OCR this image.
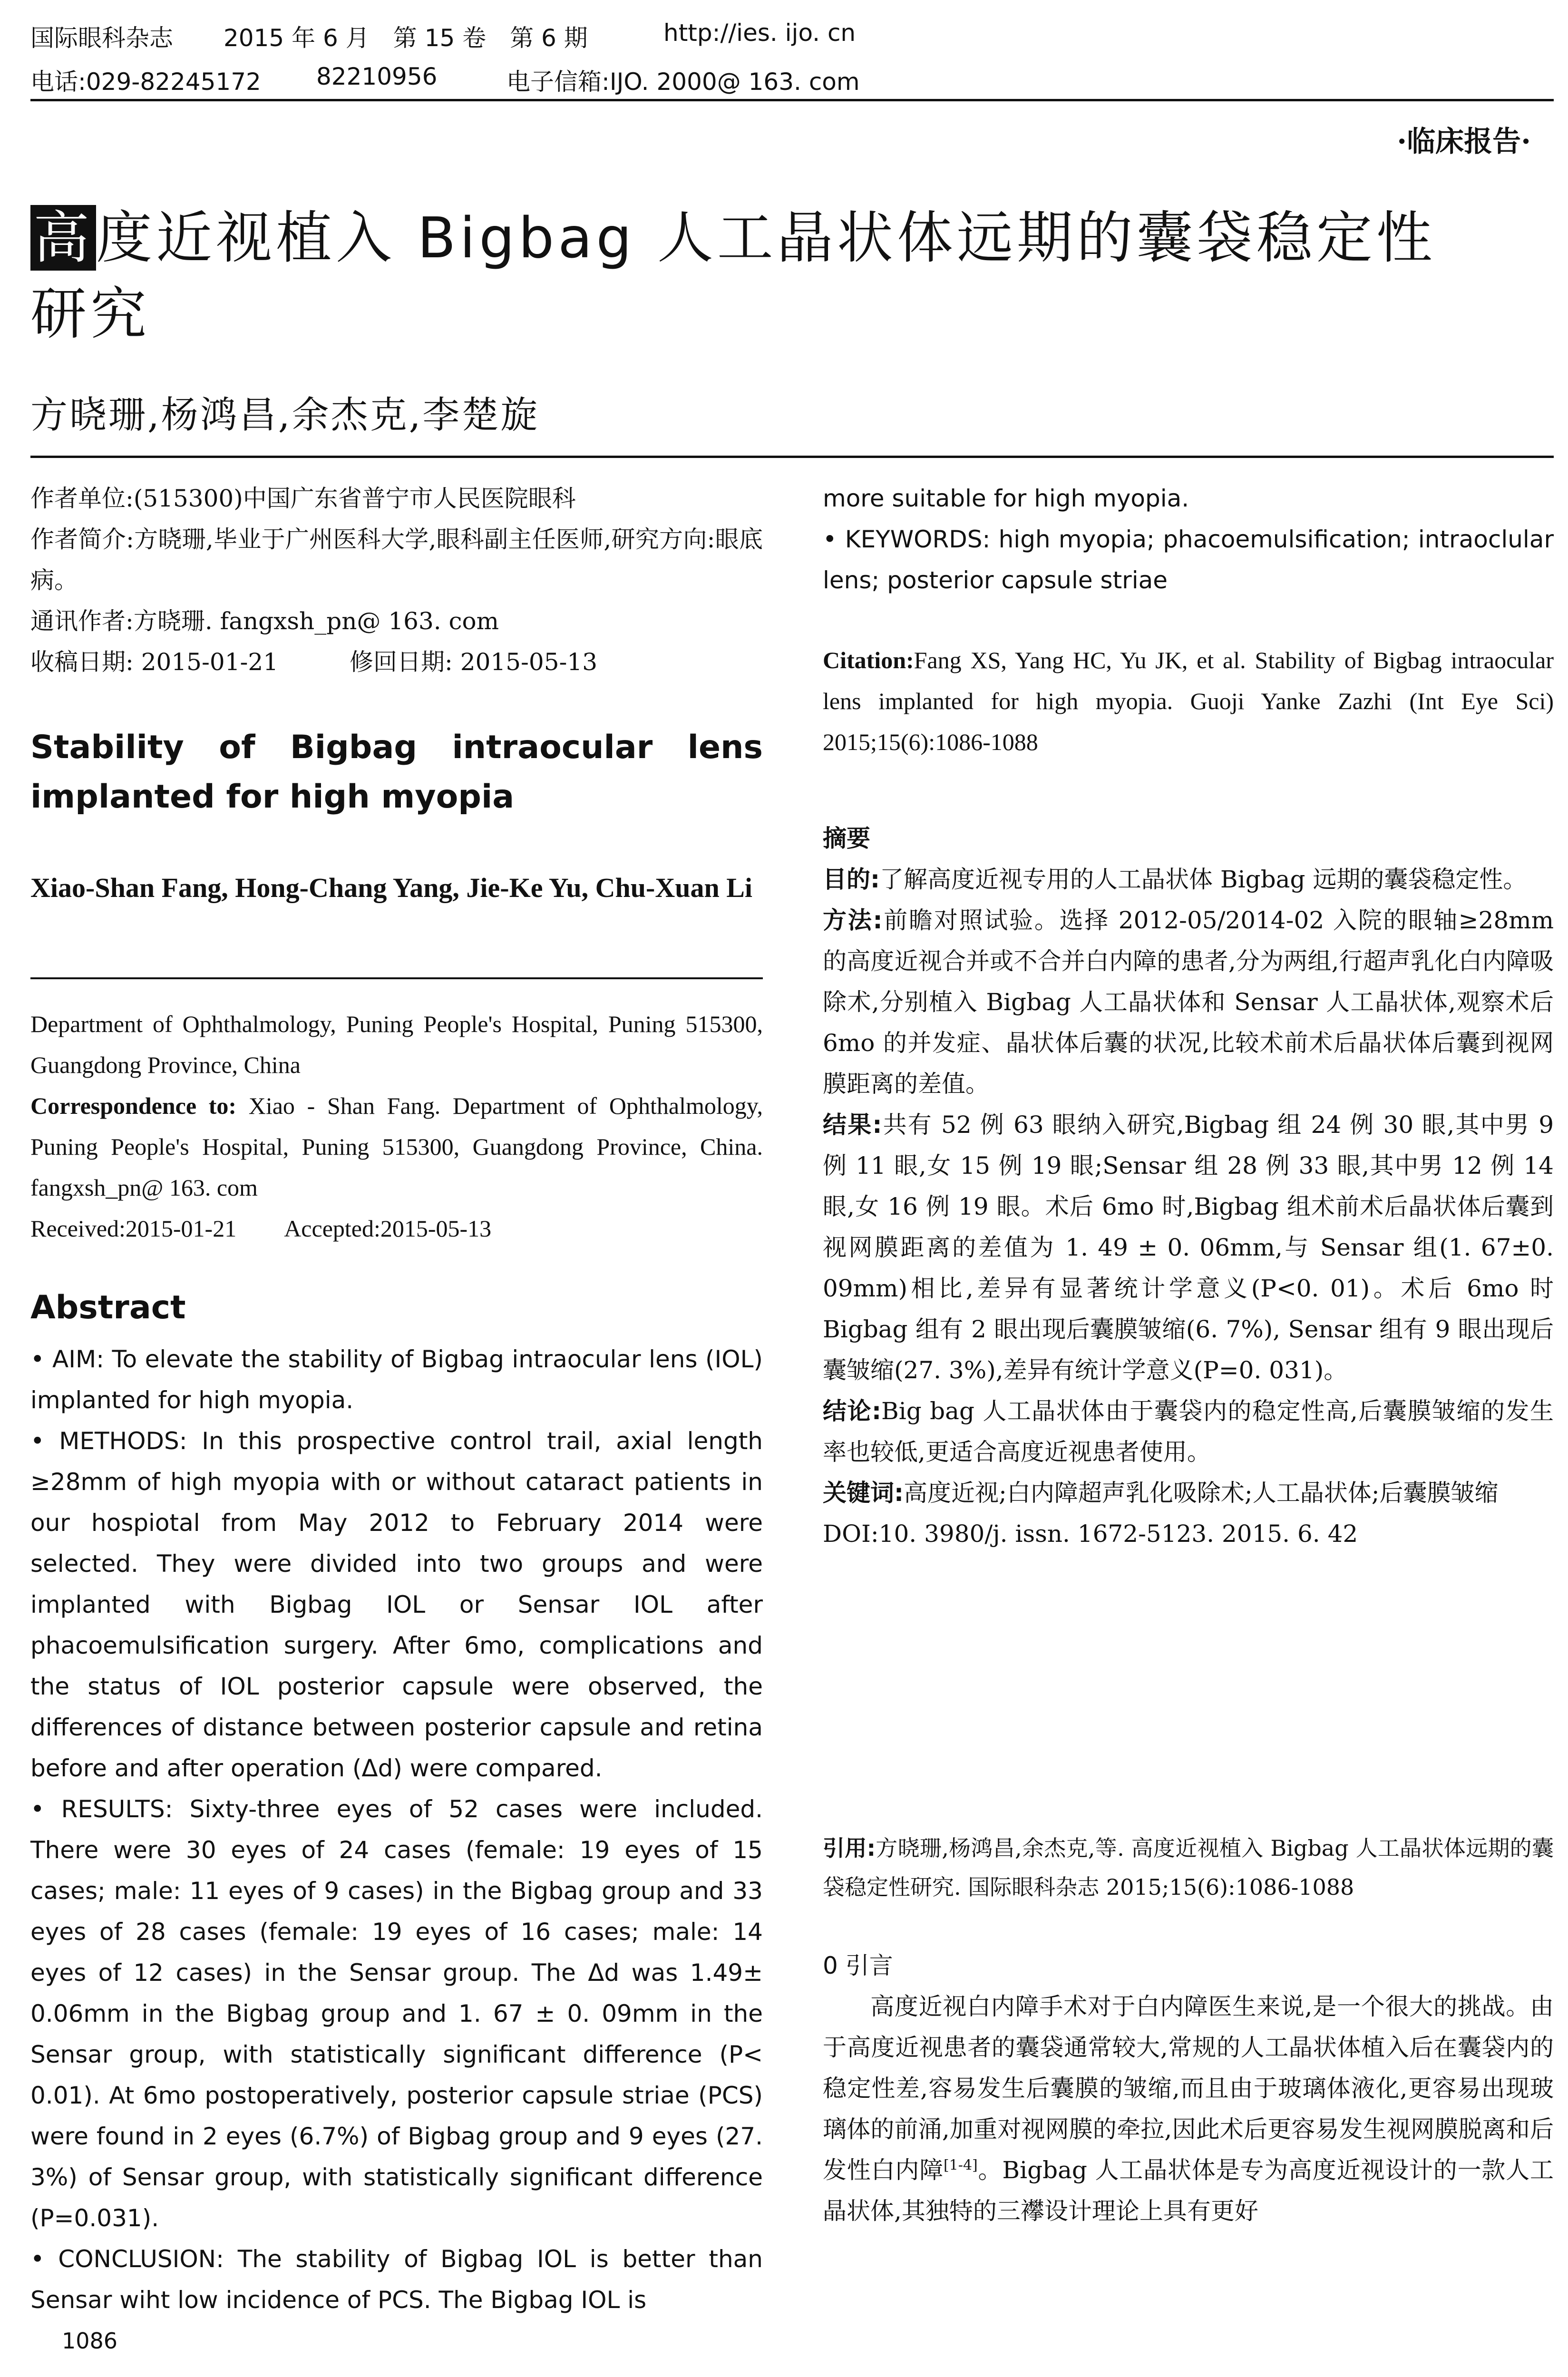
国际眼科杂志 2015 年 6 月　第 15 卷　第 6 期	http://ies. ijo. cn
电话:029-82245172 82210956	电子信箱:IJO. 2000@ 163. com
·临床报告·
高度近视植入 Bigbag 人工晶状体远期的囊袋稳定性
研究
方晓珊,杨鸿昌,余杰克,李楚旋
作者单位:(515300)中国广东省普宁市人民医院眼科
作者简介:方晓珊,毕业于广州医科大学,眼科副主任医师,研究方向:眼底病。
通讯作者:方晓珊. fangxsh_pn@ 163. com
收稿日期: 2015-01-21　　　修回日期: 2015-05-13
Stability of Bigbag intraocular lens implanted for high myopia
Xiao-Shan Fang, Hong-Chang Yang, Jie-Ke Yu, Chu-Xuan Li
Department of Ophthalmology, Puning People's Hospital, Puning 515300, Guangdong Province, China
Correspondence to: Xiao - Shan Fang. Department of Ophthalmology, Puning People's Hospital, Puning 515300, Guangdong Province, China. fangxsh_pn@ 163. com
Received:2015-01-21　　Accepted:2015-05-13
Abstract
• AIM: To elevate the stability of Bigbag intraocular lens (IOL) implanted for high myopia.
• METHODS: In this prospective control trail, axial length ≥28mm of high myopia with or without cataract patients in our hospiotal from May 2012 to February 2014 were selected. They were divided into two groups and were implanted with Bigbag IOL or Sensar IOL after phacoemulsification surgery. After 6mo, complications and the status of IOL posterior capsule were observed, the differences of distance between posterior capsule and retina before and after operation (Δd) were compared.
• RESULTS: Sixty-three eyes of 52 cases were included. There were 30 eyes of 24 cases (female: 19 eyes of 15 cases; male: 11 eyes of 9 cases) in the Bigbag group and 33 eyes of 28 cases (female: 19 eyes of 16 cases; male: 14 eyes of 12 cases) in the Sensar group. The Δd was 1.49± 0.06mm in the Bigbag group and 1. 67 ± 0. 09mm in the Sensar group, with statistically significant difference (P< 0.01). At 6mo postoperatively, posterior capsule striae (PCS) were found in 2 eyes (6.7%) of Bigbag group and 9 eyes (27. 3%) of Sensar group, with statistically significant difference (P=0.031).
• CONCLUSION: The stability of Bigbag IOL is better than Sensar wiht low incidence of PCS. The Bigbag IOL is
1086
more suitable for high myopia.
• KEYWORDS: high myopia; phacoemulsification; intraoclular lens; posterior capsule striae
Citation:Fang XS, Yang HC, Yu JK, et al. Stability of Bigbag intraocular lens implanted for high myopia. Guoji Yanke Zazhi (Int Eye Sci) 2015;15(6):1086-1088
摘要
目的:了解高度近视专用的人工晶状体 Bigbag 远期的囊袋稳定性。
方法:前瞻对照试验。选择 2012-05/2014-02 入院的眼轴≥28mm 的高度近视合并或不合并白内障的患者,分为两组,行超声乳化白内障吸除术,分别植入 Bigbag 人工晶状体和 Sensar 人工晶状体,观察术后 6mo 的并发症、晶状体后囊的状况,比较术前术后晶状体后囊到视网膜距离的差值。
结果:共有 52 例 63 眼纳入研究,Bigbag 组 24 例 30 眼,其中男 9 例 11 眼,女 15 例 19 眼;Sensar 组 28 例 33 眼,其中男 12 例 14 眼,女 16 例 19 眼。术后 6mo 时,Bigbag 组术前术后晶状体后囊到视网膜距离的差值为 1. 49 ± 0. 06mm,与 Sensar 组(1. 67±0. 09mm)相比,差异有显著统计学意义(P<0. 01)。术后 6mo 时 Bigbag 组有 2 眼出现后囊膜皱缩(6. 7%), Sensar 组有 9 眼出现后囊皱缩(27. 3%),差异有统计学意义(P=0. 031)。
结论:Big bag 人工晶状体由于囊袋内的稳定性高,后囊膜皱缩的发生率也较低,更适合高度近视患者使用。
关键词:高度近视;白内障超声乳化吸除术;人工晶状体;后囊膜皱缩
DOI:10. 3980/j. issn. 1672-5123. 2015. 6. 42
引用:方晓珊,杨鸿昌,余杰克,等. 高度近视植入 Bigbag 人工晶状体远期的囊袋稳定性研究. 国际眼科杂志 2015;15(6):1086-1088
0 引言
高度近视白内障手术对于白内障医生来说,是一个很大的挑战。由于高度近视患者的囊袋通常较大,常规的人工晶状体植入后在囊袋内的稳定性差,容易发生后囊膜的皱缩,而且由于玻璃体液化,更容易出现玻璃体的前涌,加重对视网膜的牵拉,因此术后更容易发生视网膜脱离和后发性白内障[1-4]。Bigbag 人工晶状体是专为高度近视设计的一款人工晶状体,其独特的三襻设计理论上具有更好
